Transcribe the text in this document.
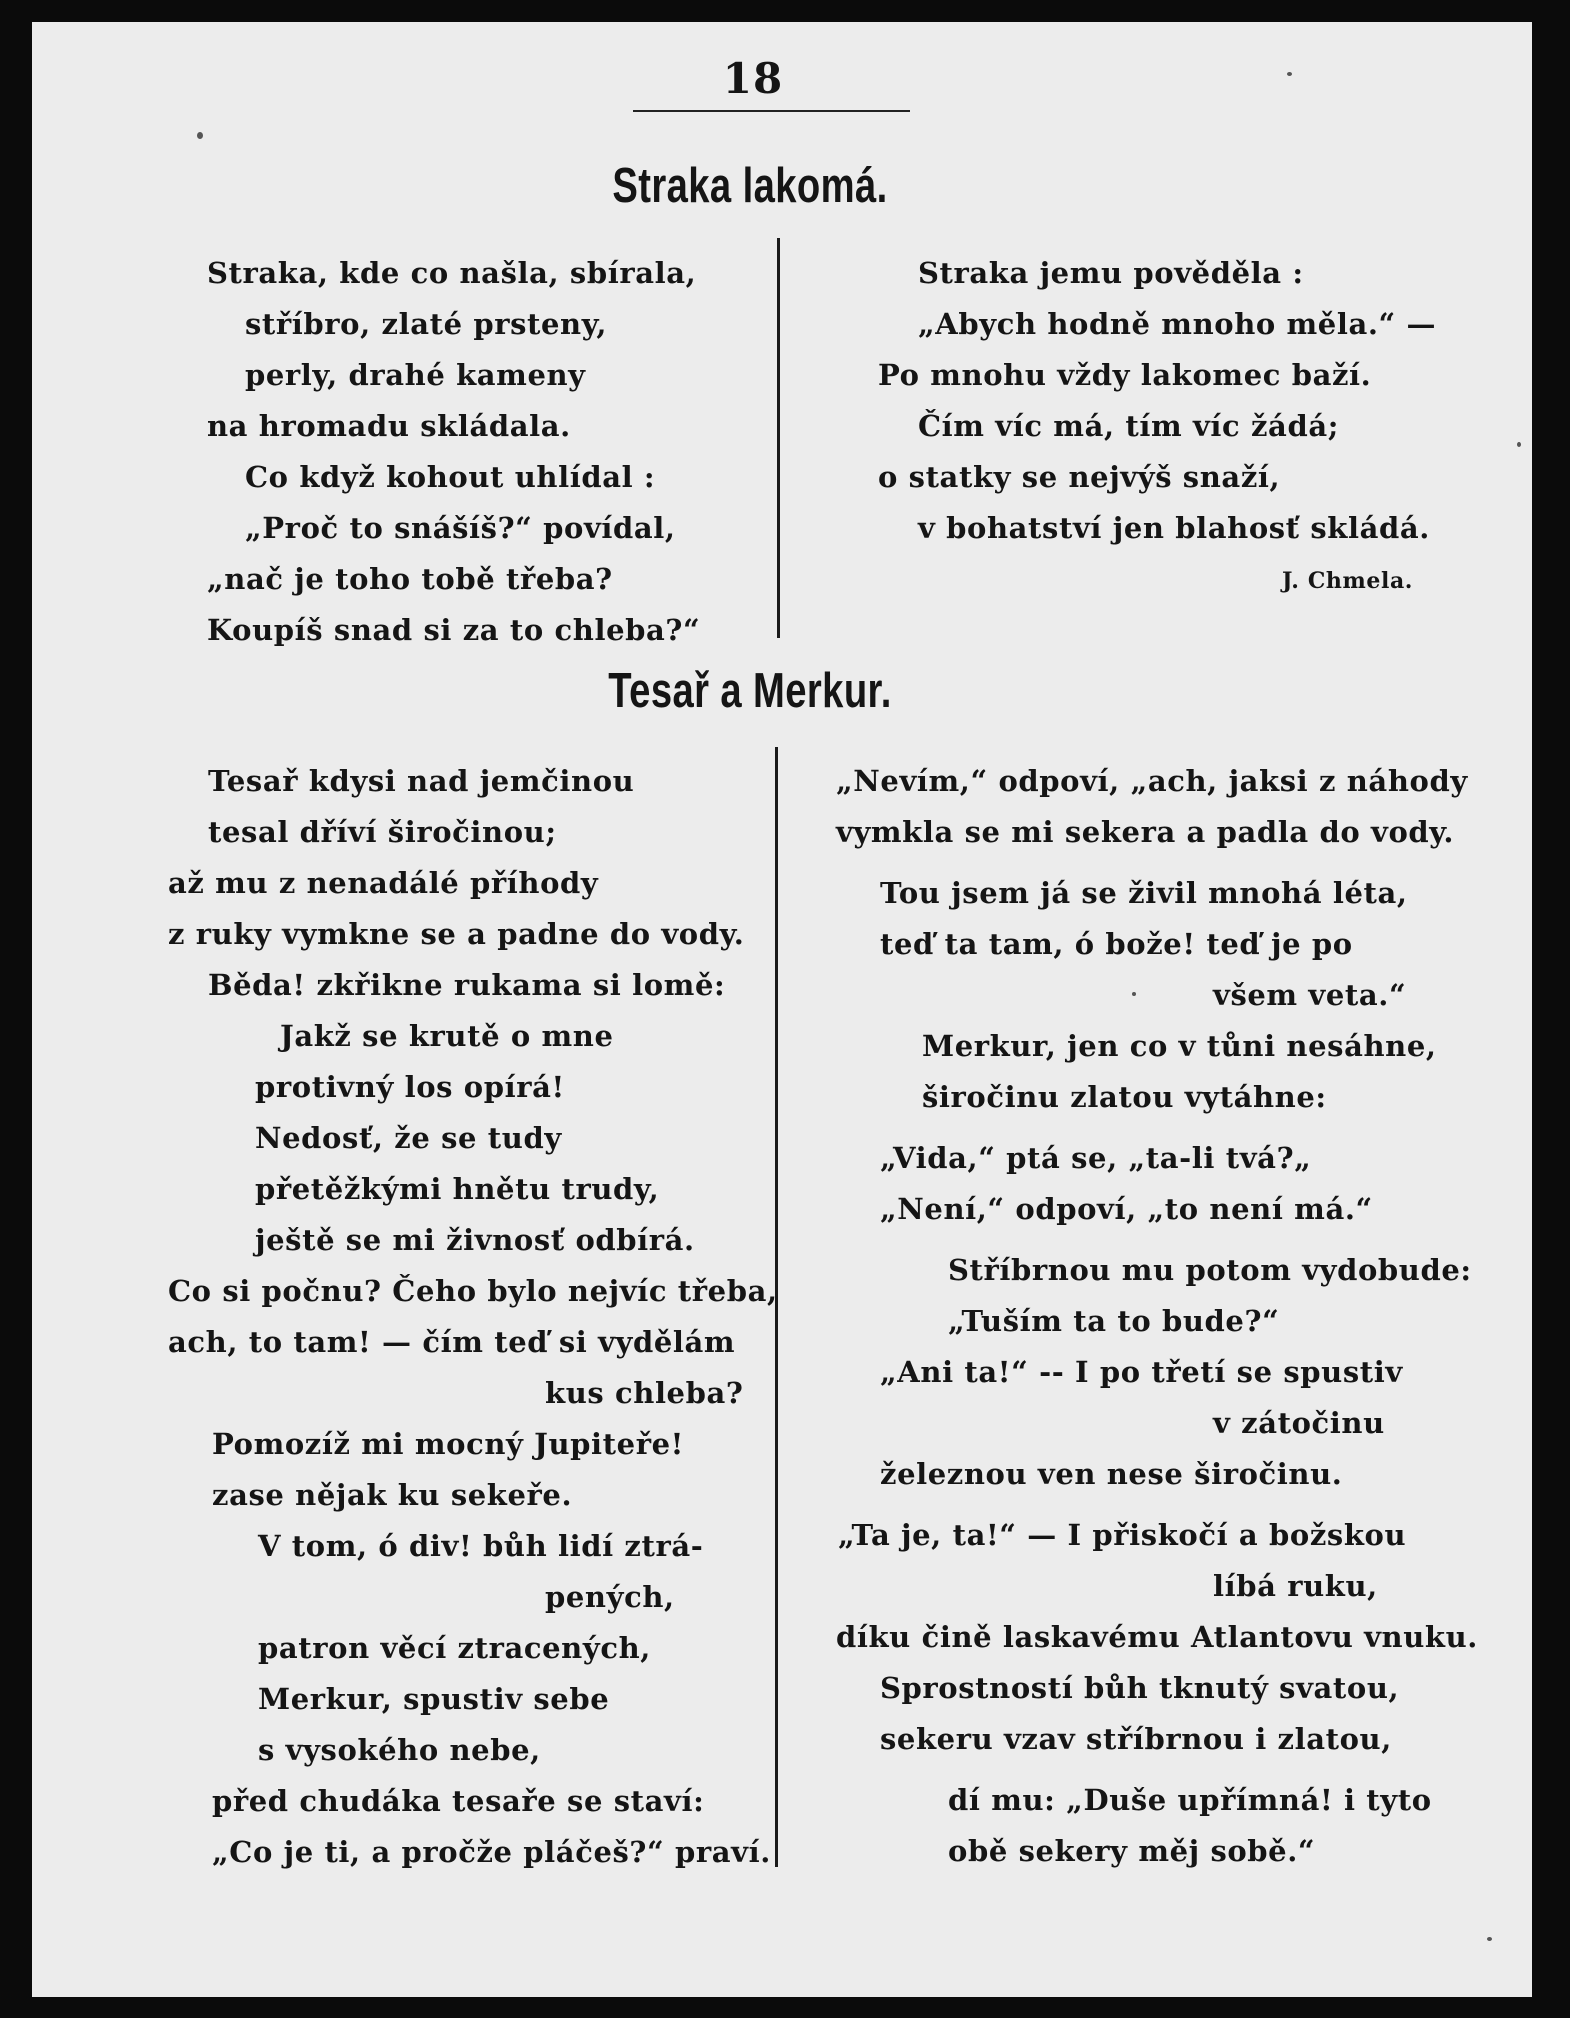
18
Straka lakomá.
Straka, kde co našla, sbírala,
stříbro, zlaté prsteny,
perly, drahé kameny
na hromadu skládala.
Co když kohout uhlídal :
„Proč to snášíš?“ povídal,
„nač je toho tobě třeba?
Koupíš snad si za to chleba?“
Straka jemu pověděla :
„Abych hodně mnoho měla.“ —
Po mnohu vždy lakomec baží.
Čím víc má, tím víc žádá;
o statky se nejvýš snaží,
v bohatství jen blahosť skládá.
J. Chmela.
Tesař a Merkur.
Tesař kdysi nad jemčinou
tesal dříví širočinou;
až mu z nenadálé příhody
z ruky vymkne se a padne do vody.
Běda! zkřikne rukama si lomě:
Jakž se krutě o mne
protivný los opírá!
Nedosť, že se tudy
přetěžkými hnětu trudy,
ještě se mi živnosť odbírá.
Co si počnu? Čeho bylo nejvíc třeba,
ach, to tam! — čím teď si vydělám
kus chleba?
Pomozíž mi mocný Jupiteře!
zase nějak ku sekeře.
V tom, ó div! bůh lidí ztrá-
pených,
patron věcí ztracených,
Merkur, spustiv sebe
s vysokého nebe,
před chudáka tesaře se staví:
„Co je ti, a pročže pláčeš?“ praví.
„Nevím,“ odpoví, „ach, jaksi z náhody
vymkla se mi sekera a padla do vody.
Tou jsem já se živil mnohá léta,
teď ta tam, ó bože! teď je po
všem veta.“
Merkur, jen co v tůni nesáhne,
širočinu zlatou vytáhne:
„Vida,“ ptá se, „ta-li tvá?„
„Není,“ odpoví, „to není má.“
Stříbrnou mu potom vydobude:
„Tuším ta to bude?“
„Ani ta!“ -- I po třetí se spustiv
v zátočinu
železnou ven nese širočinu.
„Ta je, ta!“ — I přiskočí a božskou
líbá ruku,
díku čině laskavému Atlantovu vnuku.
Sprostností bůh tknutý svatou,
sekeru vzav stříbrnou i zlatou,
dí mu: „Duše upřímná! i tyto
obě sekery měj sobě.“
